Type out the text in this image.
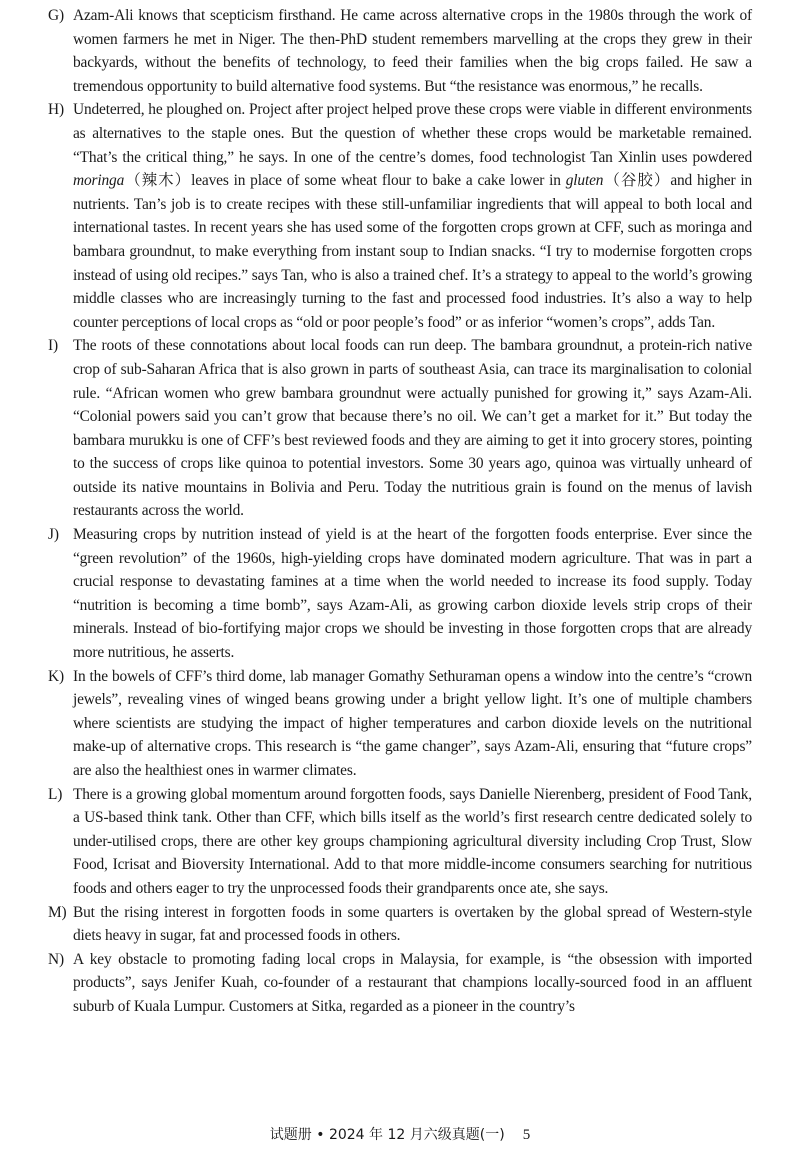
G) Azam-Ali knows that scepticism firsthand. He came across alternative crops in the 1980s through the work of women farmers he met in Niger. The then-PhD student remembers marvelling at the crops they grew in their backyards, without the benefits of technology, to feed their families when the big crops failed. He saw a tremendous opportunity to build alternative food systems. But “the resistance was enormous,” he recalls.

H) Undeterred, he ploughed on. Project after project helped prove these crops were viable in different environments as alternatives to the staple ones. But the question of whether these crops would be marketable remained. “That’s the critical thing,” he says. In one of the centre’s domes, food technologist Tan Xinlin uses powdered moringa（辣木）leaves in place of some wheat flour to bake a cake lower in gluten（谷胶）and higher in nutrients. Tan’s job is to create recipes with these still-unfamiliar ingredients that will appeal to both local and international tastes. In recent years she has used some of the forgotten crops grown at CFF, such as moringa and bambara groundnut, to make everything from instant soup to Indian snacks. “I try to modernise forgotten crops instead of using old recipes.” says Tan, who is also a trained chef. It’s a strategy to appeal to the world’s growing middle classes who are increasingly turning to the fast and processed food industries. It’s also a way to help counter perceptions of local crops as “old or poor people’s food” or as inferior “women’s crops”, adds Tan.

I) The roots of these connotations about local foods can run deep. The bambara groundnut, a protein-rich native crop of sub-Saharan Africa that is also grown in parts of southeast Asia, can trace its marginalisation to colonial rule. “African women who grew bambara groundnut were actually punished for growing it,” says Azam-Ali. “Colonial powers said you can’t grow that because there’s no oil. We can’t get a market for it.” But today the bambara murukku is one of CFF’s best reviewed foods and they are aiming to get it into grocery stores, pointing to the success of crops like quinoa to potential investors. Some 30 years ago, quinoa was virtually unheard of outside its native mountains in Bolivia and Peru. Today the nutritious grain is found on the menus of lavish restaurants across the world.

J) Measuring crops by nutrition instead of yield is at the heart of the forgotten foods enterprise. Ever since the “green revolution” of the 1960s, high-yielding crops have dominated modern agriculture. That was in part a crucial response to devastating famines at a time when the world needed to increase its food supply. Today “nutrition is becoming a time bomb”, says Azam-Ali, as growing carbon dioxide levels strip crops of their minerals. Instead of bio-fortifying major crops we should be investing in those forgotten crops that are already more nutritious, he asserts.

K) In the bowels of CFF’s third dome, lab manager Gomathy Sethuraman opens a window into the centre’s “crown jewels”, revealing vines of winged beans growing under a bright yellow light. It’s one of multiple chambers where scientists are studying the impact of higher temperatures and carbon dioxide levels on the nutritional make-up of alternative crops. This research is “the game changer”, says Azam-Ali, ensuring that “future crops” are also the healthiest ones in warmer climates.

L) There is a growing global momentum around forgotten foods, says Danielle Nierenberg, president of Food Tank, a US-based think tank. Other than CFF, which bills itself as the world’s first research centre dedicated solely to under-utilised crops, there are other key groups championing agricultural diversity including Crop Trust, Slow Food, Icrisat and Bioversity International. Add to that more middle-income consumers searching for nutritious foods and others eager to try the unprocessed foods their grandparents once ate, she says.

M) But the rising interest in forgotten foods in some quarters is overtaken by the global spread of Western-style diets heavy in sugar, fat and processed foods in others.

N) A key obstacle to promoting fading local crops in Malaysia, for example, is “the obsession with imported products”, says Jenifer Kuah, co-founder of a restaurant that champions locally-sourced food in an affluent suburb of Kuala Lumpur. Customers at Sitka, regarded as a pioneer in the country’s

试题册 • 2024 年 12 月六级真题(一) 5
